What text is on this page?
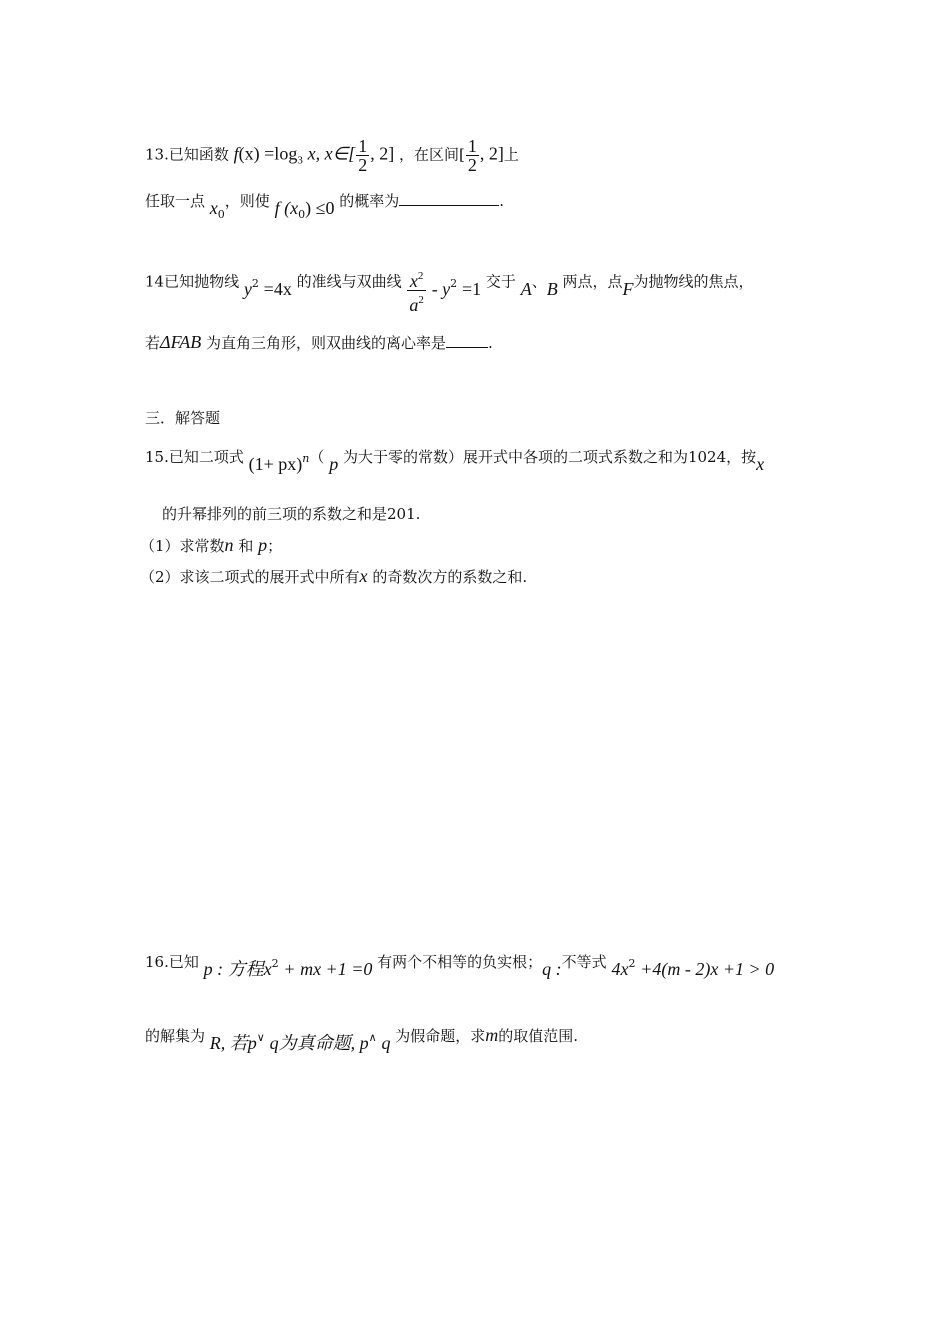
13.已知函数 $f(x) =\log_3$ x, x∈[ $\frac{1}{2}$ , 2] ，在区间[ $\frac{1}{2}$ , 2]上
任取一点 $x_0$，则使 f $(x_0) \le 0$ 的概率为	.
14已知抛物线 $y^2 =4x$ 的准线与双曲线 $\frac{x^2}{a^2} - y^2 =1$ 交于 A、B 两点，点F为抛物线的焦点，
若ΔFAB 为直角三角形，则双曲线的离心率是	.
三．解答题
15.已知二项式 (1+ px)$^n$（ p 为大于零的常数）展开式中各项的二项式系数之和为1024，按x
的升幂排列的前三项的系数之和是201.
（1）求常数n 和 p；
（2）求该二项式的展开式中所有x 的奇数次方的系数之和.
16.已知 p : 方程$x^2$ + mx +1 =0 有两个不相等的负实根；q :不等式 $4x^2 +4(m - 2)x +1 > 0$
的解集为 R, 若p∨ q为真命题, p∧ q 为假命题，求m的取值范围.
